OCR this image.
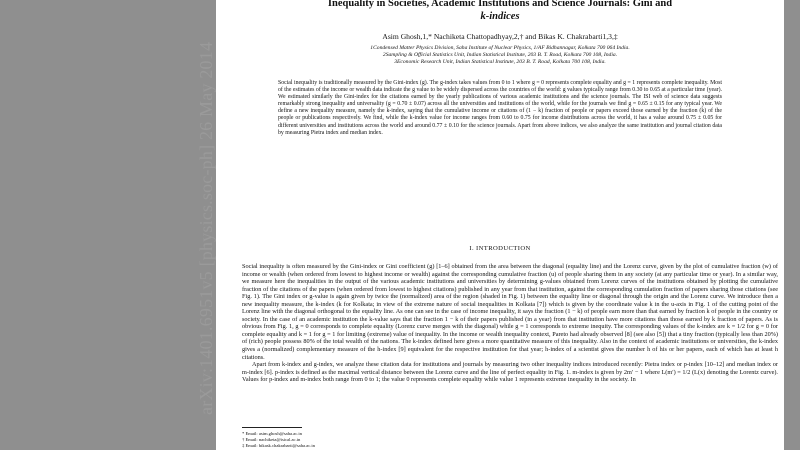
arXiv:1401.6951v5 [physics.soc-ph] 26 May 2014
Inequality in Societies, Academic Institutions and Science Journals: Gini and
k-indices
Asim Ghosh,1,* Nachiketa Chattopadhyay,2,† and Bikas K. Chakrabarti1,3,‡
1Condensed Matter Physics Division, Saha Institute of Nuclear Physics, 1/AF Bidhannagar, Kolkata 700 064 India.
2Sampling & Official Statistics Unit, Indian Statistical Institute, 203 B. T. Road, Kolkata 700 108, India.
3Economic Research Unit, Indian Statistical Institute, 203 B. T. Road, Kolkata 700 108, India.

Social inequality is traditionally measured by the Gini-index (g). The g-index takes values from 0 to 1 where g = 0 represents complete equality and g = 1 represents complete inequality. Most of the estimates of the income or wealth data indicate the g value to be widely dispersed across the countries of the world: g values typically range from 0.30 to 0.65 at a particular time (year). We estimated similarly the Gini-index for the citations earned by the yearly publications of various academic institutions and the science journals. The ISI web of science data suggests remarkably strong inequality and universality (g = 0.70 ± 0.07) across all the universities and institutions of the world, while for the journals we find g = 0.65 ± 0.15 for any typical year. We define a new inequality measure, namely the k-index, saying that the cumulative income or citations of (1 − k) fraction of people or papers exceed those earned by the fraction (k) of the people or publications respectively. We find, while the k-index value for income ranges from 0.60 to 0.75 for income distributions across the world, it has a value around 0.75 ± 0.05 for different universities and institutions across the world and around 0.77 ± 0.10 for the science journals. Apart from above indices, we also analyze the same institution and journal citation data by measuring Pietra index and median index.

I. INTRODUCTION

Social inequality is often measured by the Gini-index or Gini coefficient (g) [1–6] obtained from the area between the diagonal (equality line) and the Lorenz curve, given by the plot of cumulative fraction (w) of income or wealth (when ordered from lowest to highest income or wealth) against the corresponding cumulative fraction (u) of people sharing them in any society (at any particular time or year). In a similar way, we measure here the inequalities in the output of the various academic institutions and universities by determining g-values obtained from Lorenz curves of the institutions obtained by plotting the cumulative fraction of the citations of the papers (when ordered from lowest to highest citations) published in any year from that institution, against the corresponding cumulation fraction of papers sharing those citations (see Fig. 1). The Gini index or g-value is again given by twice the (normalized) area of the region (shaded in Fig. 1) between the equality line or diagonal through the origin and the Lorenz curve. We introduce then a new inequality measure, the k-index (k for Kolkata; in view of the extreme nature of social inequalities in Kolkata [7]) which is given by the coordinate value k in the u-axis in Fig. 1 of the cutting point of the Lorenz line with the diagonal orthogonal to the equality line. As one can see in the case of income inequality, it says the fraction (1 − k) of people earn more than that earned by fraction k of people in the country or society. In the case of an academic institution the k-value says that the fraction 1 − k of their papers published (in a year) from that institution have more citations than those earned by k fraction of papers. As is obvious from Fig. 1, g = 0 corresponds to complete equality (Lorenz curve merges with the diagonal) while g = 1 corresponds to extreme inequity. The corresponding values of the k-index are k = 1/2 for g = 0 for complete equality and k = 1 for g = 1 for limiting (extreme) value of inequality. In the income or wealth inequality context, Pareto had already observed [8] (see also [5]) that a tiny fraction (typically less than 20%) of (rich) people possess 80% of the total wealth of the nations. The k-index defined here gives a more quantitative measure of this inequality. Also in the context of academic institutions or universities, the k-index gives a (normalized) complementary measure of the h-index [9] equivalent for the respective institution for that year; h-index of a scientist gives the number h of his or her papers, each of which has at least h citations.

Apart from k-index and g-index, we analyze these citation data for institutions and journals by measuring two other inequality indices introduced recently: Pietra index or p-index [10–12] and median index or m-index [6]. p-index is defined as the maximal vertical distance between the Lorenz curve and the line of perfect equality in Fig. 1. m-index is given by 2m′ − 1 where L(m′) = 1/2 (L(x) denoting the Lorentz curve). Values for p-index and m-index both range from 0 to 1; the value 0 represents complete equality while value 1 represents extreme inequality in the society. In

* Email: asim.ghosh@saha.ac.in
† Email: nachiketa@isical.ac.in
‡ Email: bikask.chakrabarti@saha.ac.in
